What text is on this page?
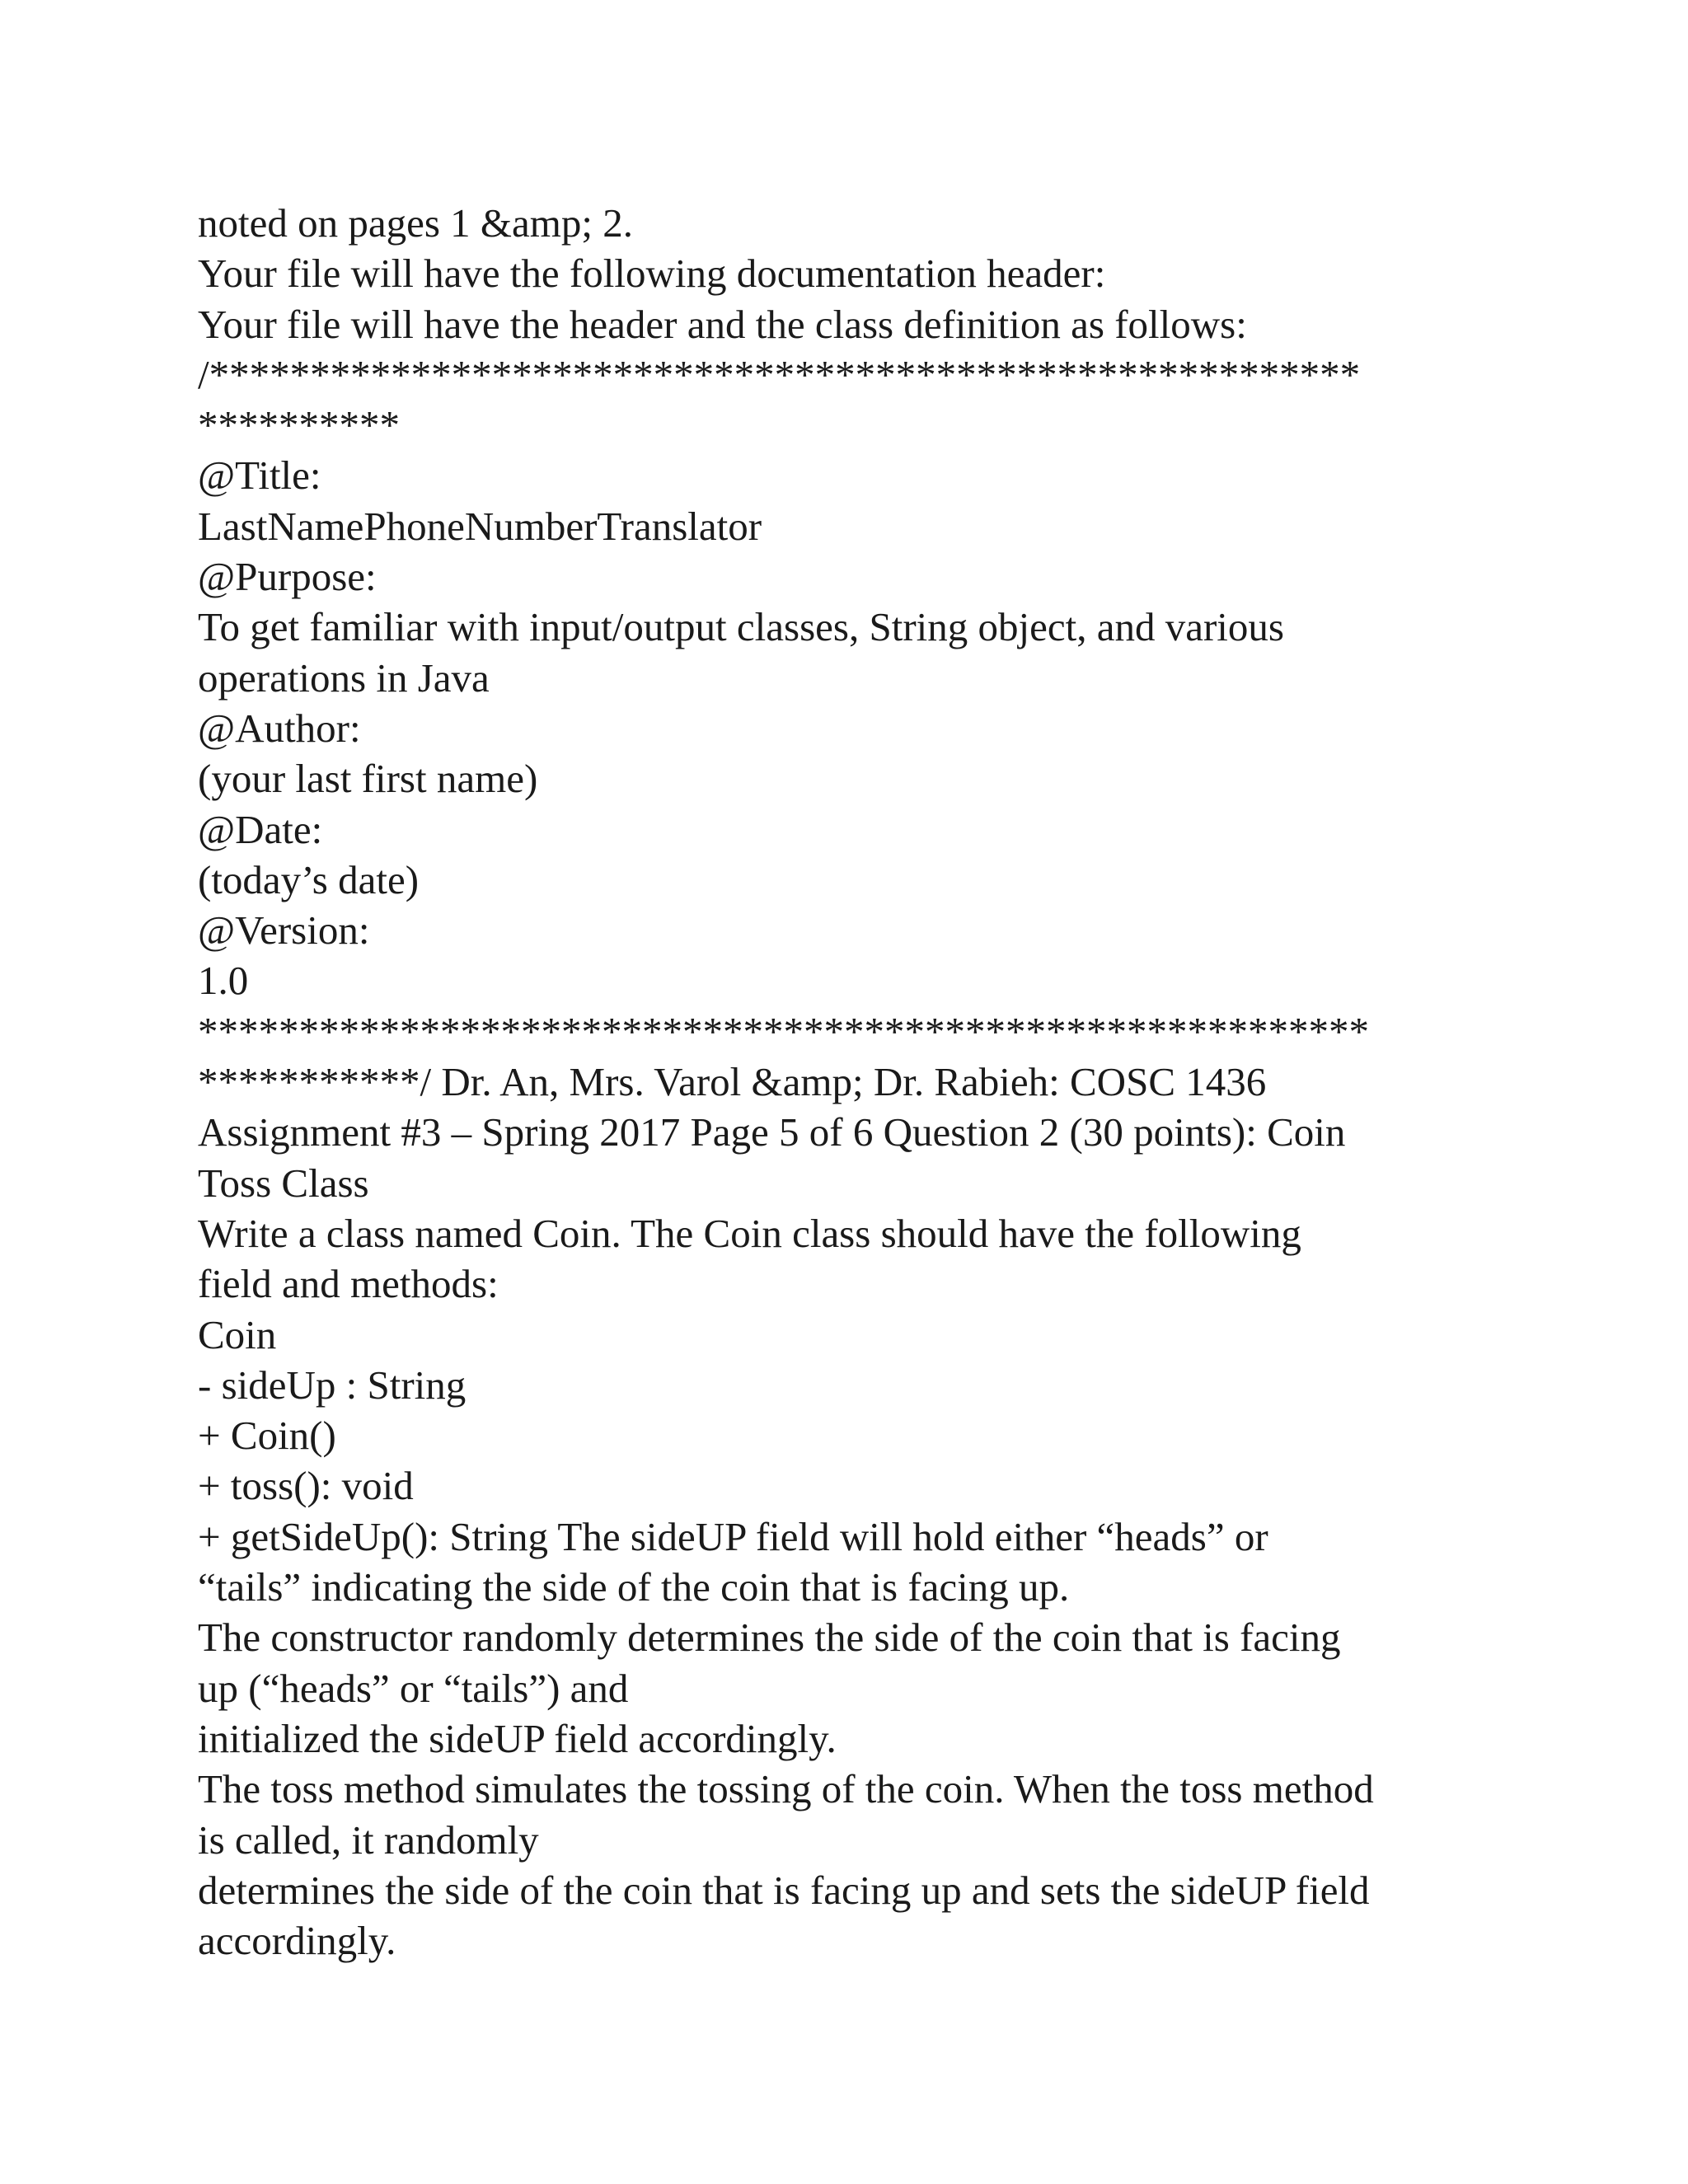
noted on pages 1 &amp; 2.
Your file will have the following documentation header:
Your file will have the header and the class definition as follows:
/*********************************************************
**********
@Title:
LastNamePhoneNumberTranslator
@Purpose:
To get familiar with input/output classes, String object, and various
operations in Java
@Author:
(your last first name)
@Date:
(today’s date)
@Version:
1.0
**********************************************************
***********/ Dr. An, Mrs. Varol &amp; Dr. Rabieh: COSC 1436
Assignment #3 – Spring 2017 Page 5 of 6 Question 2 (30 points): Coin
Toss Class
Write a class named Coin. The Coin class should have the following
field and methods:
Coin
- sideUp : String
+ Coin()
+ toss(): void
+ getSideUp(): String The sideUP field will hold either “heads” or
“tails” indicating the side of the coin that is facing up.
The constructor randomly determines the side of the coin that is facing
up (“heads” or “tails”) and
initialized the sideUP field accordingly.
The toss method simulates the tossing of the coin. When the toss method
is called, it randomly
determines the side of the coin that is facing up and sets the sideUP field
accordingly.
